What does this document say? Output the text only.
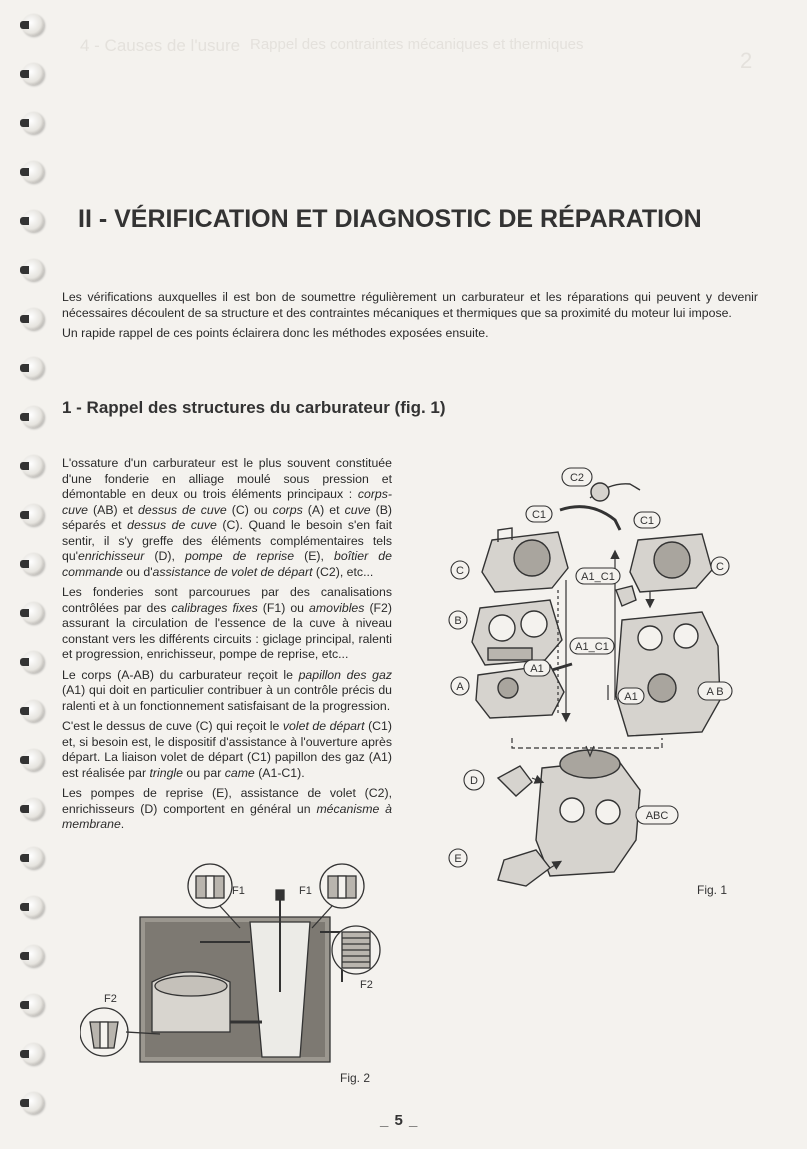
4 - Causes de l'usure Rappel des contraintes mécaniques et thermiques
2
II - VÉRIFICATION ET DIAGNOSTIC DE RÉPARATION

Les vérifications auxquelles il est bon de soumettre régulièrement un carburateur et les réparations qui peuvent y devenir nécessaires découlent de sa structure et des contraintes mécaniques et thermiques que sa proximité du moteur lui impose.

Un rapide rappel de ces points éclairera donc les méthodes exposées ensuite.

1 - Rappel des structures du carburateur (fig. 1)

L'ossature d'un carburateur est le plus souvent constituée d'une fonderie en alliage moulé sous pression et démontable en deux ou trois éléments principaux : corps-cuve (AB) et dessus de cuve (C) ou corps (A) et cuve (B) séparés et dessus de cuve (C). Quand le besoin s'en fait sentir, il s'y greffe des éléments complémentaires tels qu'enrichisseur (D), pompe de reprise (E), boîtier de commande ou d'assistance de volet de départ (C2), etc...

Les fonderies sont parcourues par des canalisations contrôlées par des calibrages fixes (F1) ou amovibles (F2) assurant la circulation de l'essence de la cuve à niveau constant vers les différents circuits : giclage principal, ralenti et progression, enrichisseur, pompe de reprise, etc...

Le corps (A-AB) du carburateur reçoit le papillon des gaz (A1) qui doit en particulier contribuer à un contrôle précis du ralenti et à un fonctionnement satisfaisant de la progression.

C'est le dessus de cuve (C) qui reçoit le volet de départ (C1) et, si besoin est, le dispositif d'assistance à l'ouverture après départ. La liaison volet de départ (C1) papillon des gaz (A1) est réalisée par tringle ou par came (A1-C1).

Les pompes de reprise (E), assistance de volet (C2), enrichisseurs (D) comportent en général un mécanisme à membrane.

C2
C1	C1
C	C
A1_C1
A1_C1
B
A1
A1
A	A B
D
ABC
E
Fig. 1
F1	F1
F2
F2
Fig. 2
_ 5 _
